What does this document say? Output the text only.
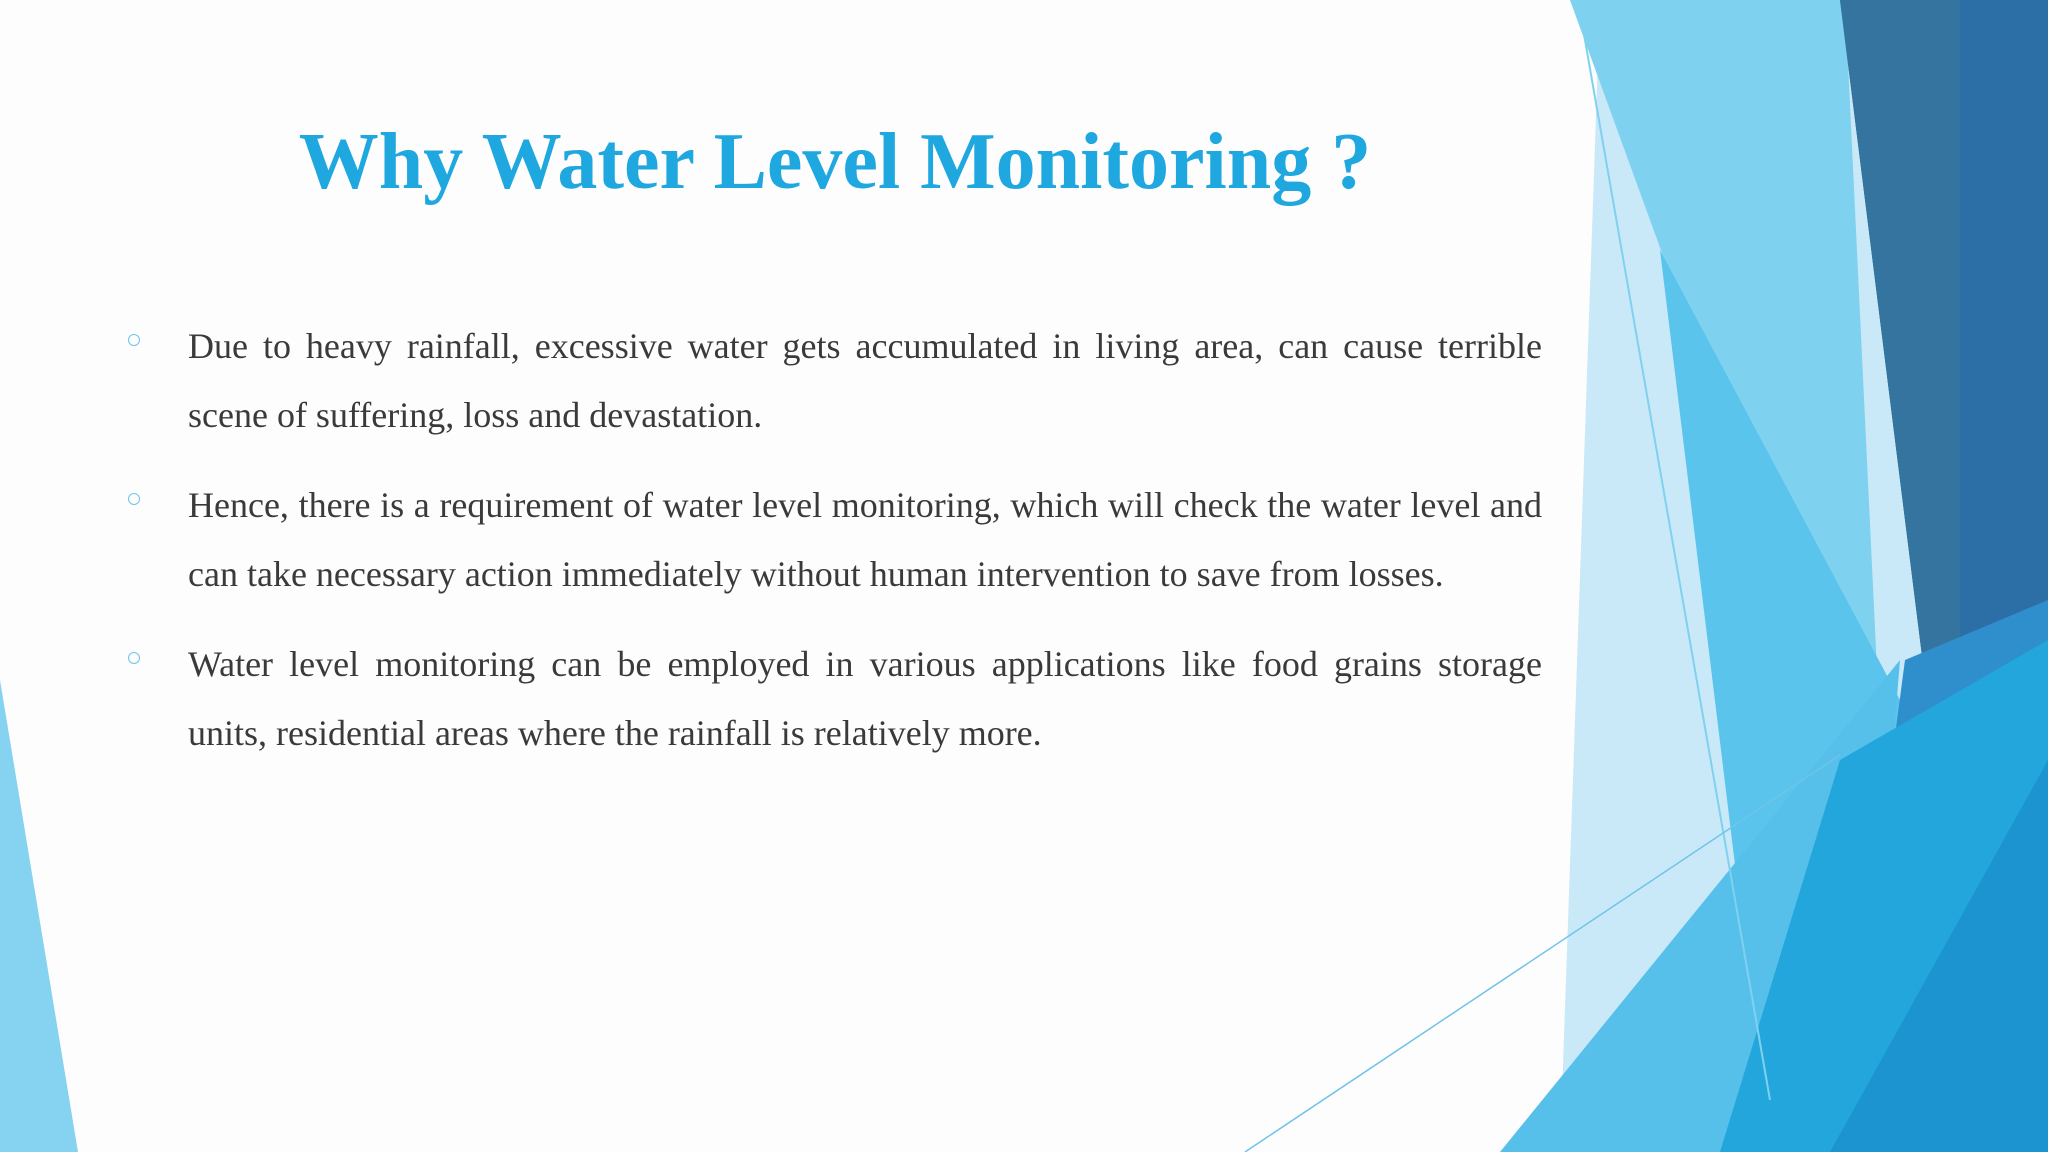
Why Water Level Monitoring ?
Due to heavy rainfall, excessive water gets accumulated in living area, can cause terrible scene of suffering, loss and devastation.
Hence, there is a requirement of water level monitoring, which will check the water level and can take necessary action immediately without human intervention to save from losses.
Water level monitoring can be employed in various applications like food grains storage units, residential areas where the rainfall is relatively more.
